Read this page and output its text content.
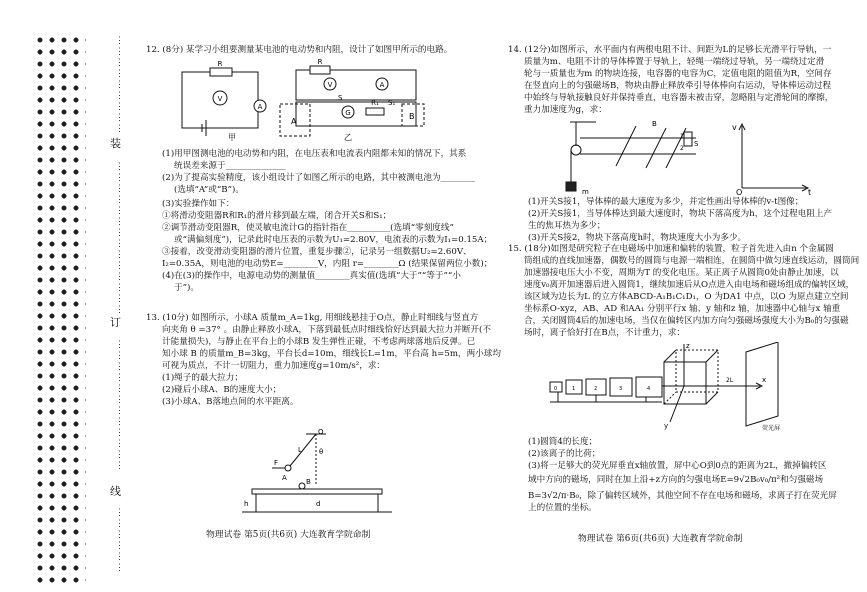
⋮
⋮
⋮
⋮
⋮
⋮
⋮
⋮
⋮
装
⋮
⋮
⋮
⋮
⋮
⋮
⋮
⋮
⋮
⋮
⋮
⋮
⋮
⋮
订
⋮
⋮
⋮
⋮
⋮
⋮
⋮
⋮
⋮
⋮
⋮
⋮
线
⋮
⋮
⋮
⋮
⋮
⋮

12. (8分) 某学习小组要测量某电池的电动势和内阻，设计了如图甲所示的电路。

V
A
R
V	A
G
R
R₁
S
S₁
A
B
甲	乙

(1)用甲图测电池的电动势和内阻，在电压表和电流表内阻都未知的情况下，其系

统误差来源于______________

(2)为了提高实验精度，该小组设计了如图乙所示的电路，其中被测电池为________

(选填“A”或“B”)。

(3)实验操作如下：

①将滑动变阻器R和R₁的滑片移到最左端，闭合开关S和S₁；

②调节滑动变阻器R，使灵敏电流计G的指针指在__________(选填“零刻度线”

或“满偏刻度”)，记录此时电压表的示数为U₁=2.80V，电流表的示数为I₁=0.15A；

③接着，改变滑动变阻器的滑片位置，重复步骤②，记录另一组数据U₂=2.60V、

I₂=0.35A，则电池的电动势E=________V，内阻 r=________Ω (结果保留两位小数)；

(4)在(3)的操作中，电源电动势的测量值________真实值(选填“大于”“等于”“小

于”)。

13. (10分) 如图所示，小球A 质量m_A=1kg, 用细线悬挂于O点，静止时细线与竖直方

向夹角 θ =37° 。由静止释放小球A，下落到最低点时细线恰好达到最大拉力并断开(不

计能量损失)，与静止在平台上的小球B 发生弹性正碰，不考虑两球落地后反弹。已

知小球 B 的质量m_B=3kg，平台长d=10m，细线长L=1m，平台高 h=5m，两小球均

可视为质点，不计一切阻力，重力加速度g=10m/s²，求：

(1)绳子的最大拉力；

(2)碰后小球A、B的速度大小；

(3)小球A、B落地点间的水平距离。

O
L θ
F
A	B
h	d
物理试卷 第5页(共6页) 大连教育学院命制

14. (12分)如图所示，水平面内有两根电阻不计、间距为L的足够长光滑平行导轨，一

质量为m、电阻不计的导体棒置于导轨上，轻绳一端绕过导轨，另一端绕过定滑

轮与一质量也为m 的物块连接，电容器的电容为C，定值电阻的阻值为R，空间存

在竖直向上的匀强磁场B，物块由静止释放牵引导体棒向右运动，导体棒运动过程

中始终与导轨接触良好并保持垂直，电容器未被击穿，忽略阻与定滑轮间的摩擦，

重力加速度为g，求：

m
B
1
2
S
v
O	t

(1)开关S接1，导体棒的最大速度为多少，并定性画出导体棒的v-t图像；

(2)开关S接1，当导体棒达到最大速度时，物块下落高度为h，这个过程电阻上产

生的焦耳热为多少；

(3)开关S接2，物块下落高度h时，物块速度大小为多少。

15. (18分)如图是研究粒子在电磁场中加速和偏转的装置，粒子首先进入由n 个金属圆

筒组成的直线加速器，偶数号的圆筒与电源一端相连，在圆筒中做匀速直线运动，圆筒间

加速器接电压大小不变，周期为T 的变化电压。某正离子从圆筒0处由静止加速，以

速度v₀离开加速器后进入圆筒1，继续加速后从O点进入由电场和磁场组成的偏转区域，

该区域为边长为L 的立方体ABCD-A₁B₁C₁D₁，O 为DA1 中点，以O 为原点建立空间

坐标系O-xyz，AB、AD 和AA₁ 分别平行x 轴、y 轴和z 轴，加速器中心轴与x 轴重

合，关闭圆筒4后的加速电场，当仅在偏转区内加方向匀强磁场强度大小为B₀的匀强磁

场时，离子恰好打在B点，不计重力，求：

z
x
y
0	1	2	3	4
2L
荧光屏

(1)圆筒4的长度；

(2)该离子的比荷；

(3)将一足够大的荧光屏垂直x轴放置，屏中心O到0点的距离为2L，撤掉偏转区

域中方向的磁场，同时在加上沿+z方向的匀强电场E=9√2B₀v₀/π²和匀强磁场

B=3√2/π·B₀，除了偏转区域外，其他空间不存在电场和磁场，求离子打在荧光屏

上的位置的坐标。

物理试卷 第6页(共6页) 大连教育学院命制
